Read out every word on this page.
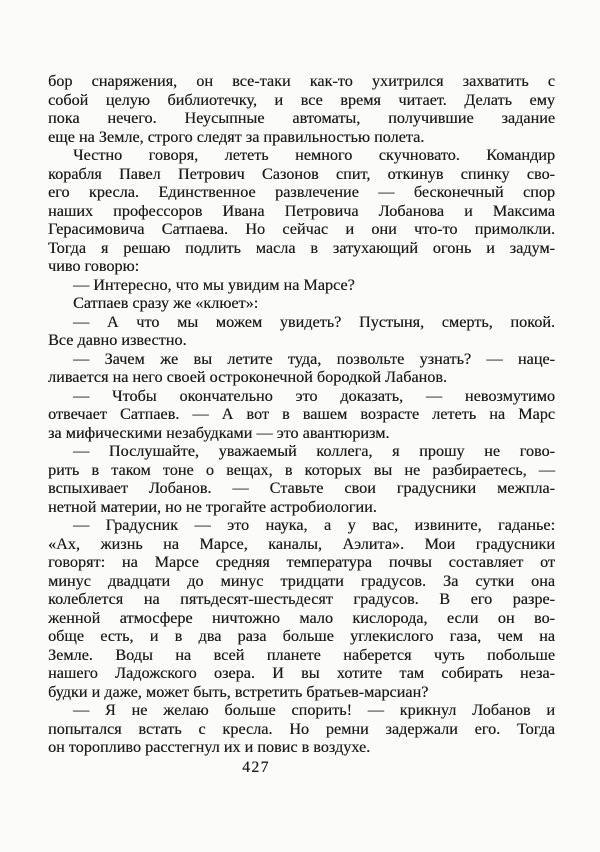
бор снаряжения, он все-таки как-то ухитрился захватить с
собой целую библиотечку, и все время читает. Делать ему
пока нечего. Неусыпные автоматы, получившие задание
еще на Земле, строго следят за правильностью полета.
Честно говоря, лететь немного скучновато. Командир
корабля Павел Петрович Сазонов спит, откинув спинку сво-
его кресла. Единственное развлечение — бесконечный спор
наших профессоров Ивана Петровича Лобанова и Максима
Герасимовича Сатпаева. Но сейчас и они что-то примолкли.
Тогда я решаю подлить масла в затухающий огонь и задум-
чиво говорю:
— Интересно, что мы увидим на Марсе?
Сатпаев сразу же «клюет»:
— А что мы можем увидеть? Пустыня, смерть, покой.
Все давно известно.
— Зачем же вы летите туда, позвольте узнать? — наце-
ливается на него своей остроконечной бородкой Лабанов.
— Чтобы окончательно это доказать, — невозмутимо
отвечает Сатпаев. — А вот в вашем возрасте лететь на Марс
за мифическими незабудками — это авантюризм.
— Послушайте, уважаемый коллега, я прошу не гово-
рить в таком тоне о вещах, в которых вы не разбираетесь, —
вспыхивает Лобанов. — Ставьте свои градусники межпла-
нетной материи, но не трогайте астробиологии.
— Градусник — это наука, а у вас, извините, гаданье:
«Ах, жизнь на Марсе, каналы, Аэлита». Мои градусники
говорят: на Марсе средняя температура почвы составляет от
минус двадцати до минус тридцати градусов. За сутки она
колеблется на пятьдесят-шестьдесят градусов. В его разре-
женной атмосфере ничтожно мало кислорода, если он во-
обще есть, и в два раза больше углекислого газа, чем на
Земле. Воды на всей планете наберется чуть побольше
нашего Ладожского озера. И вы хотите там собирать неза-
будки и даже, может быть, встретить братьев-марсиан?
— Я не желаю больше спорить! — крикнул Лобанов и
попытался встать с кресла. Но ремни задержали его. Тогда
он торопливо расстегнул их и повис в воздухе.
427
